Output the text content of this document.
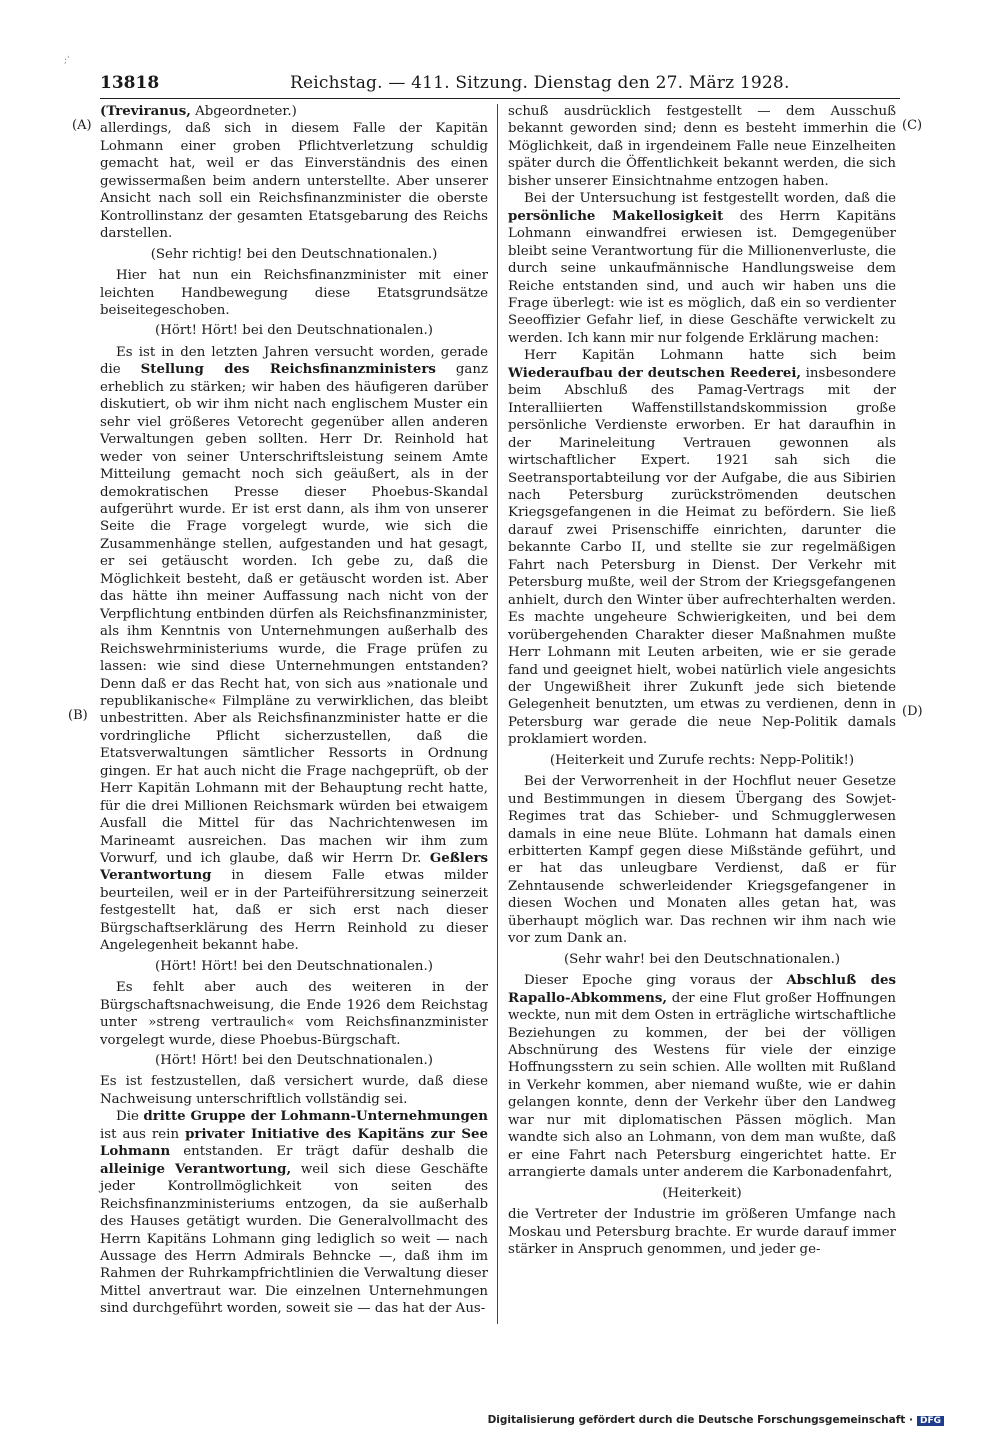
;ˈ
13818	Reichstag. — 411. Sitzung. Dienstag den 27. März 1928.
(A)
(B)
(C)
(D)

(Treviranus, Abgeordneter.)

allerdings, daß sich in diesem Falle der Kapitän Lohmann einer groben Pflichtverletzung schuldig gemacht hat, weil er das Einverständnis des einen gewissermaßen beim andern unterstellte. Aber unserer Ansicht nach soll ein Reichsfinanzminister die oberste Kontrollinstanz der gesamten Etatsgebarung des Reichs darstellen.

(Sehr richtig! bei den Deutschnationalen.)

Hier hat nun ein Reichsfinanzminister mit einer leichten Handbewegung diese Etatsgrundsätze beiseitegeschoben.

(Hört! Hört! bei den Deutschnationalen.)

Es ist in den letzten Jahren versucht worden, gerade die Stellung des Reichsfinanzministers ganz erheblich zu stärken; wir haben des häufigeren darüber diskutiert, ob wir ihm nicht nach englischem Muster ein sehr viel größeres Vetorecht gegenüber allen anderen Verwaltungen geben sollten. Herr Dr. Reinhold hat weder von seiner Unterschriftsleistung seinem Amte Mitteilung gemacht noch sich geäußert, als in der demokratischen Presse dieser Phoebus-Skandal aufgerührt wurde. Er ist erst dann, als ihm von unserer Seite die Frage vorgelegt wurde, wie sich die Zusammenhänge stellen, aufgestanden und hat gesagt, er sei getäuscht worden. Ich gebe zu, daß die Möglichkeit besteht, daß er getäuscht worden ist. Aber das hätte ihn meiner Auffassung nach nicht von der Verpflichtung entbinden dürfen als Reichsfinanzminister, als ihm Kenntnis von Unternehmungen außerhalb des Reichswehrministeriums wurde, die Frage prüfen zu lassen: wie sind diese Unternehmungen entstanden? Denn daß er das Recht hat, von sich aus »nationale und republikanische« Filmpläne zu verwirklichen, das bleibt unbestritten. Aber als Reichsfinanzminister hatte er die vordringliche Pflicht sicherzustellen, daß die Etatsverwaltungen sämtlicher Ressorts in Ordnung gingen. Er hat auch nicht die Frage nachgeprüft, ob der Herr Kapitän Lohmann mit der Behauptung recht hatte, für die drei Millionen Reichsmark würden bei etwaigem Ausfall die Mittel für das Nachrichtenwesen im Marineamt ausreichen. Das machen wir ihm zum Vorwurf, und ich glaube, daß wir Herrn Dr. Geßlers Verantwortung in diesem Falle etwas milder beurteilen, weil er in der Parteiführersitzung seinerzeit festgestellt hat, daß er sich erst nach dieser Bürgschaftserklärung des Herrn Reinhold zu dieser Angelegenheit bekannt habe.

(Hört! Hört! bei den Deutschnationalen.)

Es fehlt aber auch des weiteren in der Bürgschaftsnachweisung, die Ende 1926 dem Reichstag unter »streng vertraulich« vom Reichsfinanzminister vorgelegt wurde, diese Phoebus-Bürgschaft.

(Hört! Hört! bei den Deutschnationalen.)

Es ist festzustellen, daß versichert wurde, daß diese Nachweisung unterschriftlich vollständig sei.

Die dritte Gruppe der Lohmann-Unternehmungen ist aus rein privater Initiative des Kapitäns zur See Lohmann entstanden. Er trägt dafür deshalb die alleinige Verantwortung, weil sich diese Geschäfte jeder Kontrollmöglichkeit von seiten des Reichsfinanzministeriums entzogen, da sie außerhalb des Hauses getätigt wurden. Die Generalvollmacht des Herrn Kapitäns Lohmann ging lediglich so weit — nach Aussage des Herrn Admirals Behncke —, daß ihm im Rahmen der Ruhrkampfrichtlinien die Verwaltung dieser Mittel anvertraut war. Die einzelnen Unternehmungen sind durchgeführt worden, soweit sie — das hat der Aus-

schuß ausdrücklich festgestellt — dem Ausschuß bekannt geworden sind; denn es besteht immerhin die Möglichkeit, daß in irgendeinem Falle neue Einzelheiten später durch die Öffentlichkeit bekannt werden, die sich bisher unserer Einsichtnahme entzogen haben.

Bei der Untersuchung ist festgestellt worden, daß die persönliche Makellosigkeit des Herrn Kapitäns Lohmann einwandfrei erwiesen ist. Demgegenüber bleibt seine Verantwortung für die Millionenverluste, die durch seine unkaufmännische Handlungsweise dem Reiche entstanden sind, und auch wir haben uns die Frage überlegt: wie ist es möglich, daß ein so verdienter Seeoffizier Gefahr lief, in diese Geschäfte verwickelt zu werden. Ich kann mir nur folgende Erklärung machen:

Herr Kapitän Lohmann hatte sich beim Wiederaufbau der deutschen Reederei, insbesondere beim Abschluß des Pamag-Vertrags mit der Interalliierten Waffenstillstandskommission große persönliche Verdienste erworben. Er hat daraufhin in der Marineleitung Vertrauen gewonnen als wirtschaftlicher Expert. 1921 sah sich die Seetransportabteilung vor der Aufgabe, die aus Sibirien nach Petersburg zurückströmenden deutschen Kriegsgefangenen in die Heimat zu befördern. Sie ließ darauf zwei Prisenschiffe einrichten, darunter die bekannte Carbo II, und stellte sie zur regelmäßigen Fahrt nach Petersburg in Dienst. Der Verkehr mit Petersburg mußte, weil der Strom der Kriegsgefangenen anhielt, durch den Winter über aufrechterhalten werden. Es machte ungeheure Schwierigkeiten, und bei dem vorübergehenden Charakter dieser Maßnahmen mußte Herr Lohmann mit Leuten arbeiten, wie er sie gerade fand und geeignet hielt, wobei natürlich viele angesichts der Ungewißheit ihrer Zukunft jede sich bietende Gelegenheit benutzten, um etwas zu verdienen, denn in Petersburg war gerade die neue Nep-Politik damals proklamiert worden.

(Heiterkeit und Zurufe rechts: Nepp-Politik!)

Bei der Verworrenheit in der Hochflut neuer Gesetze und Bestimmungen in diesem Übergang des Sowjet-Regimes trat das Schieber- und Schmugglerwesen damals in eine neue Blüte. Lohmann hat damals einen erbitterten Kampf gegen diese Mißstände geführt, und er hat das unleugbare Verdienst, daß er für Zehntausende schwerleidender Kriegsgefangener in diesen Wochen und Monaten alles getan hat, was überhaupt möglich war. Das rechnen wir ihm nach wie vor zum Dank an.

(Sehr wahr! bei den Deutschnationalen.)

Dieser Epoche ging voraus der Abschluß des Rapallo-Abkommens, der eine Flut großer Hoffnungen weckte, nun mit dem Osten in erträgliche wirtschaftliche Beziehungen zu kommen, der bei der völligen Abschnürung des Westens für viele der einzige Hoffnungsstern zu sein schien. Alle wollten mit Rußland in Verkehr kommen, aber niemand wußte, wie er dahin gelangen konnte, denn der Verkehr über den Landweg war nur mit diplomatischen Pässen möglich. Man wandte sich also an Lohmann, von dem man wußte, daß er eine Fahrt nach Petersburg eingerichtet hatte. Er arrangierte damals unter anderem die Karbonadenfahrt,

(Heiterkeit)

die Vertreter der Industrie im größeren Umfange nach Moskau und Petersburg brachte. Er wurde darauf immer stärker in Anspruch genommen, und jeder ge-

Digitalisierung gefördert durch die Deutsche Forschungsgemeinschaft · DFG
